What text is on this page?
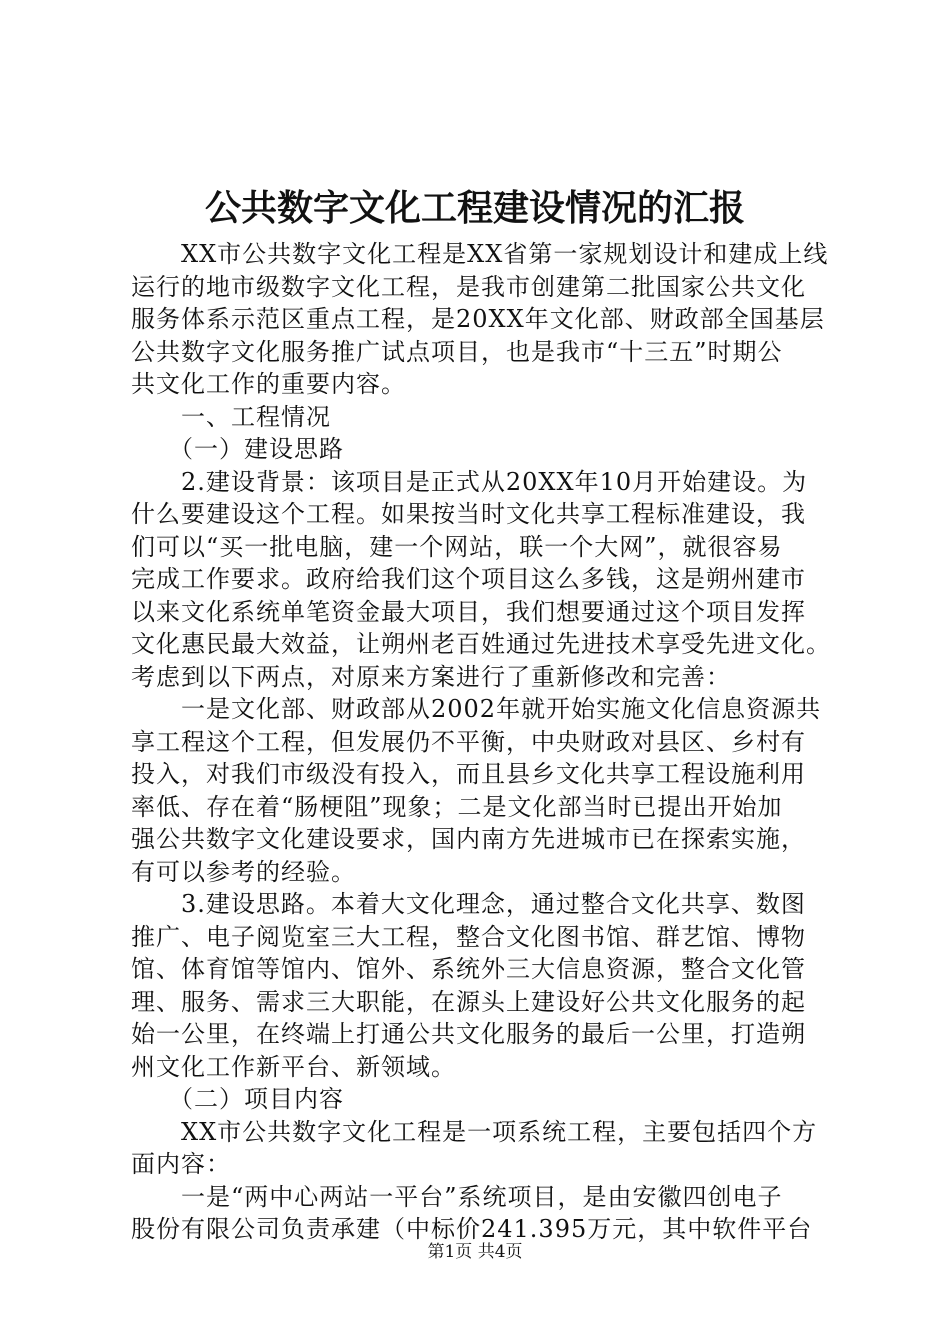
公共数字文化工程建设情况的汇报
　　XX市公共数字文化工程是XX省第一家规划设计和建成上线
运行的地市级数字文化工程，是我市创建第二批国家公共文化
服务体系示范区重点工程，是20XX年文化部、财政部全国基层
公共数字文化服务推广试点项目，也是我市“十三五”时期公
共文化工作的重要内容。
　　一、工程情况
　　（一）建设思路
　　2.建设背景：该项目是正式从20XX年10月开始建设。为
什么要建设这个工程。如果按当时文化共享工程标准建设，我
们可以“买一批电脑，建一个网站，联一个大网”，就很容易
完成工作要求。政府给我们这个项目这么多钱，这是朔州建市
以来文化系统单笔资金最大项目，我们想要通过这个项目发挥
文化惠民最大效益，让朔州老百姓通过先进技术享受先进文化。
考虑到以下两点，对原来方案进行了重新修改和完善：
　　一是文化部、财政部从2002年就开始实施文化信息资源共
享工程这个工程，但发展仍不平衡，中央财政对县区、乡村有
投入，对我们市级没有投入，而且县乡文化共享工程设施利用
率低、存在着“肠梗阻”现象；二是文化部当时已提出开始加
强公共数字文化建设要求，国内南方先进城市已在探索实施，
有可以参考的经验。
　　3.建设思路。本着大文化理念，通过整合文化共享、数图
推广、电子阅览室三大工程，整合文化图书馆、群艺馆、博物
馆、体育馆等馆内、馆外、系统外三大信息资源，整合文化管
理、服务、需求三大职能，在源头上建设好公共文化服务的起
始一公里，在终端上打通公共文化服务的最后一公里，打造朔
州文化工作新平台、新领域。
　　（二）项目内容
　　XX市公共数字文化工程是一项系统工程，主要包括四个方
面内容：
　　一是“两中心两站一平台”系统项目，是由安徽四创电子
股份有限公司负责承建（中标价241.395万元，其中软件平台
第1页 共4页
